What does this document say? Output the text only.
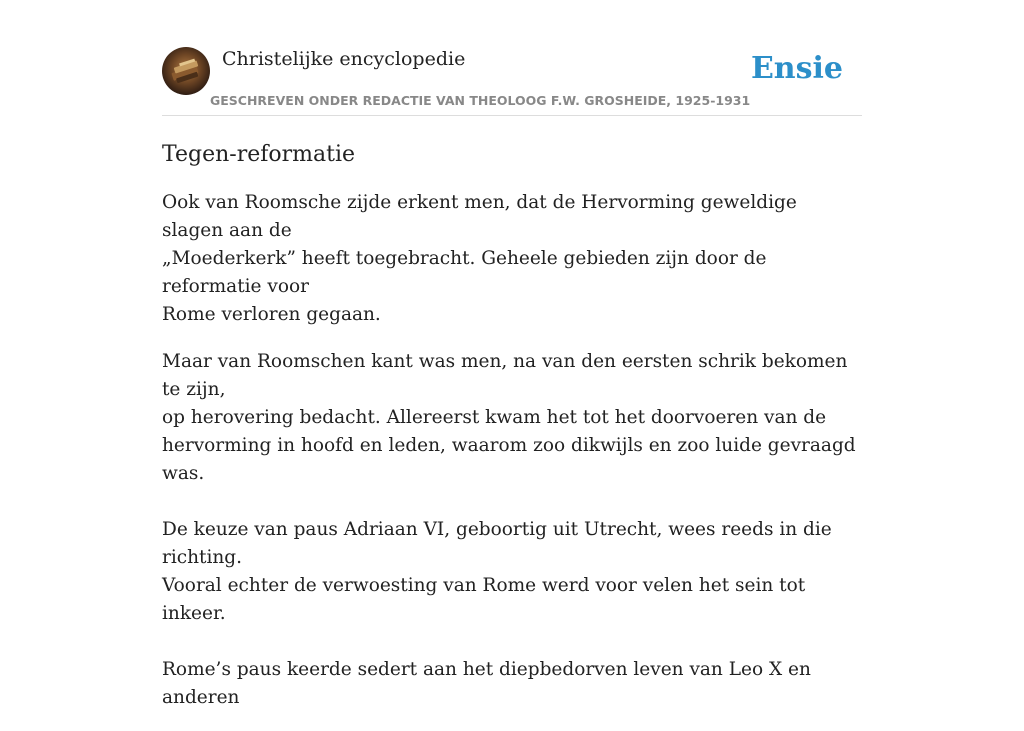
Christelijke encyclopedie
GESCHREVEN ONDER REDACTIE VAN THEOLOOG F.W. GROSHEIDE, 1925-1931
Ensie
Tegen-reformatie

Ook van Roomsche zijde erkent men, dat de Hervorming geweldige slagen aan de
„Moederkerk” heeft toegebracht. Geheele gebieden zijn door de reformatie voor
Rome verloren gegaan.

Maar van Roomschen kant was men, na van den eersten schrik bekomen te zijn,
op herovering bedacht. Allereerst kwam het tot het doorvoeren van de
hervorming in hoofd en leden, waarom zoo dikwijls en zoo luide gevraagd was.

De keuze van paus Adriaan VI, geboortig uit Utrecht, wees reeds in die richting.
Vooral echter de verwoesting van Rome werd voor velen het sein tot inkeer.

Rome’s paus keerde sedert aan het diepbedorven leven van Leo X en anderen
